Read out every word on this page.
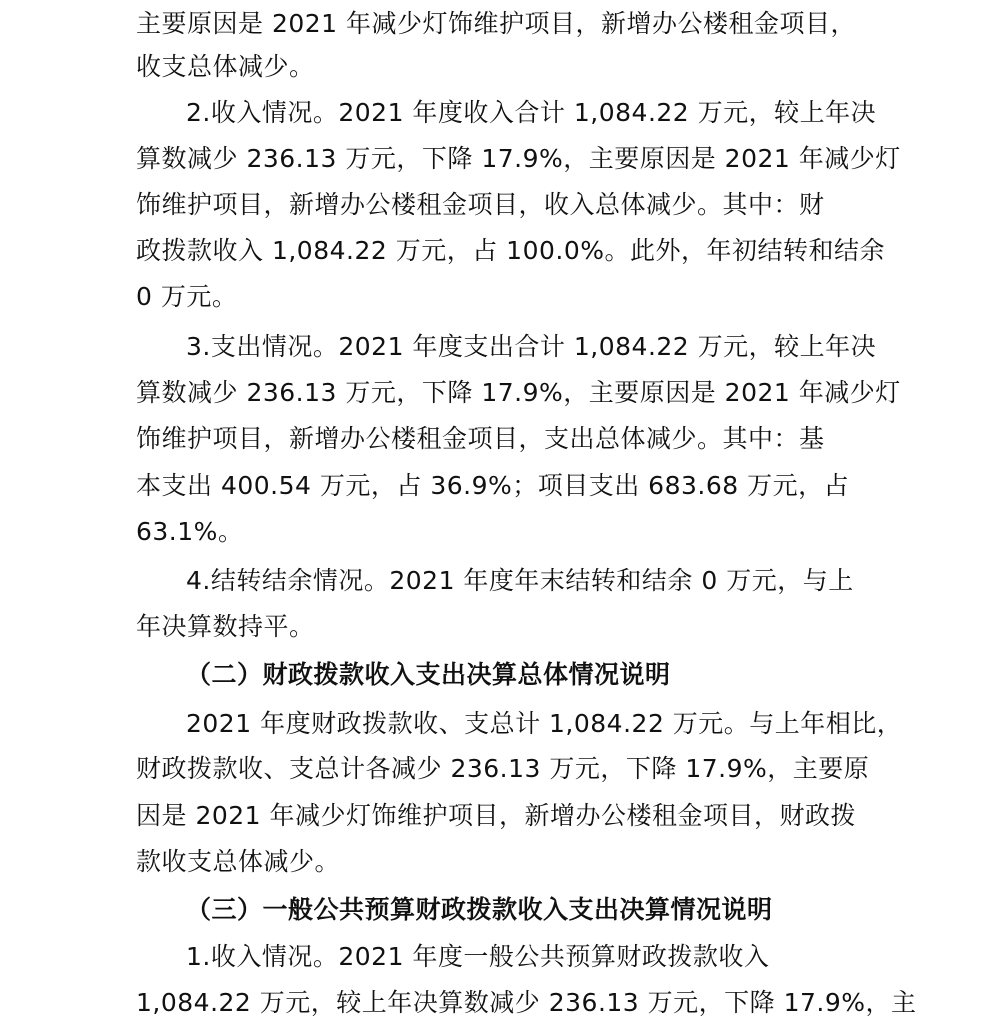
主要原因是 2021 年减少灯饰维护项目，新增办公楼租金项目，
收支总体减少。
2.收入情况。2021 年度收入合计 1,084.22 万元，较上年决
算数减少 236.13 万元，下降 17.9%，主要原因是 2021 年减少灯
饰维护项目，新增办公楼租金项目，收入总体减少。其中：财
政拨款收入 1,084.22 万元，占 100.0%。此外，年初结转和结余
0 万元。
3.支出情况。2021 年度支出合计 1,084.22 万元，较上年决
算数减少 236.13 万元，下降 17.9%，主要原因是 2021 年减少灯
饰维护项目，新增办公楼租金项目，支出总体减少。其中：基
本支出 400.54 万元，占 36.9%；项目支出 683.68 万元，占
63.1%。
4.结转结余情况。2021 年度年末结转和结余 0 万元，与上
年决算数持平。
（二）财政拨款收入支出决算总体情况说明
2021 年度财政拨款收、支总计 1,084.22 万元。与上年相比，
财政拨款收、支总计各减少 236.13 万元，下降 17.9%，主要原
因是 2021 年减少灯饰维护项目，新增办公楼租金项目，财政拨
款收支总体减少。
（三）一般公共预算财政拨款收入支出决算情况说明
1.收入情况。2021 年度一般公共预算财政拨款收入
1,084.22 万元，较上年决算数减少 236.13 万元，下降 17.9%，主
